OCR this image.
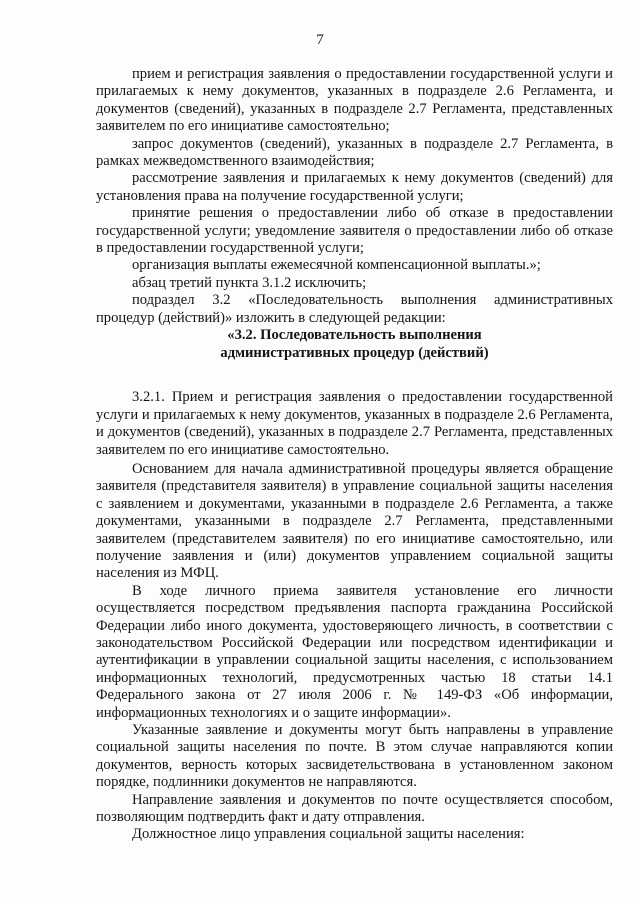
7

прием и регистрация заявления о предоставлении государственной услуги и прилагаемых к нему документов, указанных в подразделе 2.6 Регламента, и документов (сведений), указанных в подразделе 2.7 Регламента, представленных заявителем по его инициативе самостоятельно;

запрос документов (сведений), указанных в подразделе 2.7 Регламента, в рамках межведомственного взаимодействия;

рассмотрение заявления и прилагаемых к нему документов (сведений) для установления права на получение государственной услуги;

принятие решения о предоставлении либо об отказе в предоставлении государственной услуги; уведомление заявителя о предоставлении либо об отказе в предоставлении государственной услуги;

организация выплаты ежемесячной компенсационной выплаты.»;

абзац третий пункта 3.1.2 исключить;

подраздел 3.2 «Последовательность выполнения административных процедур (действий)» изложить в следующей редакции:

«3.2. Последовательность выполнения
административных процедур (действий)

3.2.1. Прием и регистрация заявления о предоставлении государственной услуги и прилагаемых к нему документов, указанных в подразделе 2.6 Регламента, и документов (сведений), указанных в подразделе 2.7 Регламента, представленных заявителем по его инициативе самостоятельно.

Основанием для начала административной процедуры является обращение заявителя (представителя заявителя) в управление социальной защиты населения с заявлением и документами, указанными в подразделе 2.6 Регламента, а также документами, указанными в подразделе 2.7 Регламента, представленными заявителем (представителем заявителя) по его инициативе самостоятельно, или получение заявления и (или) документов управлением социальной защиты населения из МФЦ.

В ходе личного приема заявителя установление его личности осуществляется посредством предъявления паспорта гражданина Российской Федерации либо иного документа, удостоверяющего личность, в соответствии с законодательством Российской Федерации или посредством идентификации и аутентификации в управлении социальной защиты населения, с использованием информационных технологий, предусмотренных частью 18 статьи 14.1 Федерального закона от 27 июля 2006 г. № 149-ФЗ «Об информации, информационных технологиях и о защите информации».

Указанные заявление и документы могут быть направлены в управление социальной защиты населения по почте. В этом случае направляются копии документов, верность которых засвидетельствована в установленном законом порядке, подлинники документов не направляются.

Направление заявления и документов по почте осуществляется способом, позволяющим подтвердить факт и дату отправления.

Должностное лицо управления социальной защиты населения:
